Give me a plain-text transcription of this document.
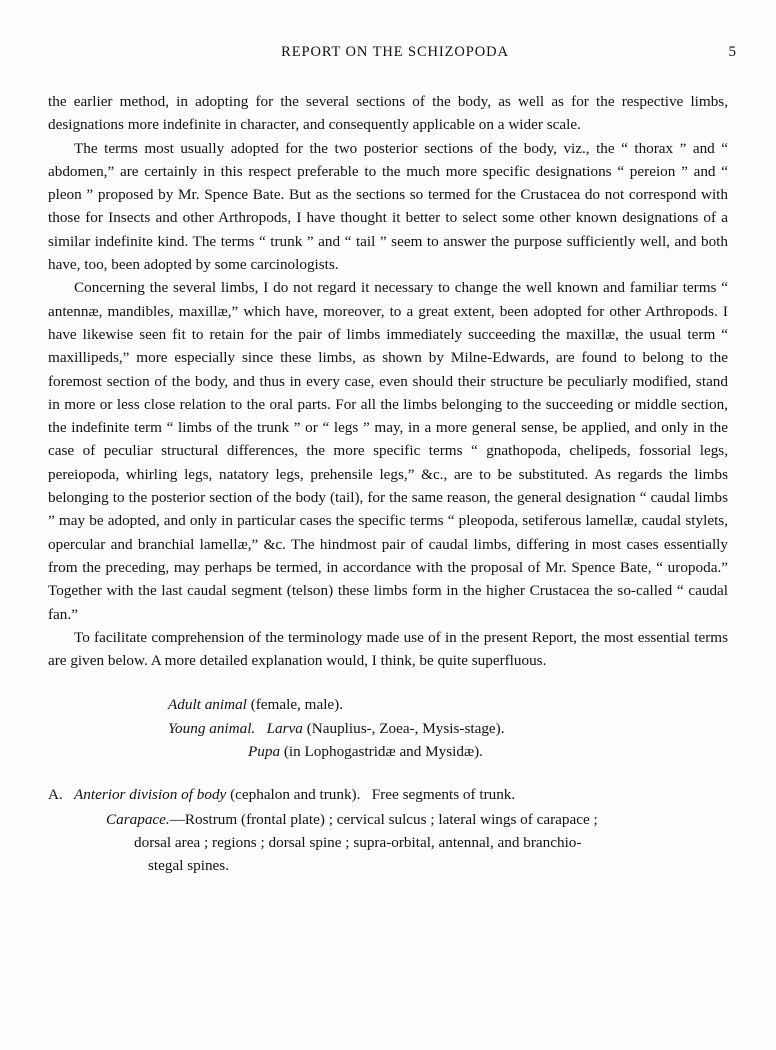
REPORT ON THE SCHIZOPODA	5

the earlier method, in adopting for the several sections of the body, as well as for the respective limbs, designations more indefinite in character, and consequently applicable on a wider scale.

The terms most usually adopted for the two posterior sections of the body, viz., the “ thorax ” and “ abdomen,” are certainly in this respect preferable to the much more specific designations “ pereion ” and “ pleon ” proposed by Mr. Spence Bate. But as the sections so termed for the Crustacea do not correspond with those for Insects and other Arthropods, I have thought it better to select some other known designations of a similar indefinite kind. The terms “ trunk ” and “ tail ” seem to answer the purpose sufficiently well, and both have, too, been adopted by some carcinologists.

Concerning the several limbs, I do not regard it necessary to change the well known and familiar terms “ antennæ, mandibles, maxillæ,” which have, moreover, to a great extent, been adopted for other Arthropods. I have likewise seen fit to retain for the pair of limbs immediately succeeding the maxillæ, the usual term “ maxillipeds,” more especially since these limbs, as shown by Milne-Edwards, are found to belong to the foremost section of the body, and thus in every case, even should their structure be peculiarly modified, stand in more or less close relation to the oral parts. For all the limbs belonging to the succeeding or middle section, the indefinite term “ limbs of the trunk ” or “ legs ” may, in a more general sense, be applied, and only in the case of peculiar structural differences, the more specific terms “ gnathopoda, chelipeds, fossorial legs, pereiopoda, whirling legs, natatory legs, prehensile legs,” &c., are to be substituted. As regards the limbs belonging to the posterior section of the body (tail), for the same reason, the general designation “ caudal limbs ” may be adopted, and only in particular cases the specific terms “ pleopoda, setiferous lamellæ, caudal stylets, opercular and branchial lamellæ,” &c. The hindmost pair of caudal limbs, differing in most cases essentially from the preceding, may perhaps be termed, in accordance with the proposal of Mr. Spence Bate, “ uropoda.” Together with the last caudal segment (telson) these limbs form in the higher Crustacea the so-called “ caudal fan.”

To facilitate comprehension of the terminology made use of in the present Report, the most essential terms are given below. A more detailed explanation would, I think, be quite superfluous.

Adult animal (female, male).
Young animal. Larva (Nauplius-, Zoea-, Mysis-stage).
Pupa (in Lophogastridæ and Mysidæ).
A. Anterior division of body (cephalon and trunk). Free segments of trunk.
Carapace.—Rostrum (frontal plate) ; cervical sulcus ; lateral wings of carapace ;
dorsal area ; regions ; dorsal spine ; supra-orbital, antennal, and branchio-
stegal spines.
